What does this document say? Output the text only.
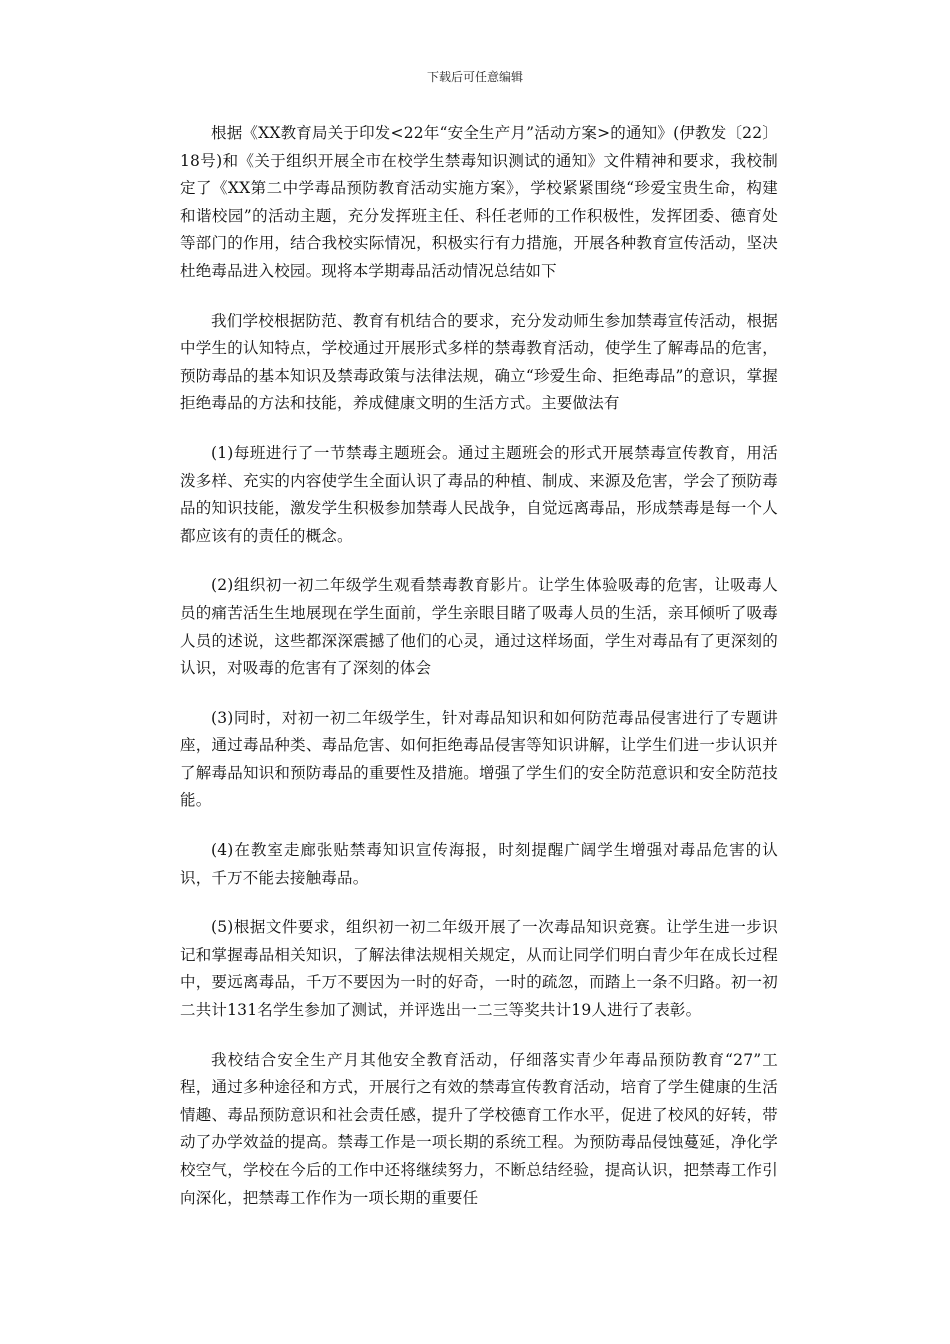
下载后可任意编辑

根据《XX教育局关于印发<22年“安全生产月”活动方案>的通知》(伊教发〔22〕18号)和《关于组织开展全市在校学生禁毒知识测试的通知》文件精神和要求，我校制定了《XX第二中学毒品预防教育活动实施方案》，学校紧紧围绕“珍爱宝贵生命，构建和谐校园”的活动主题，充分发挥班主任、科任老师的工作积极性，发挥团委、德育处等部门的作用，结合我校实际情况，积极实行有力措施，开展各种教育宣传活动，坚决杜绝毒品进入校园。现将本学期毒品活动情况总结如下

我们学校根据防范、教育有机结合的要求，充分发动师生参加禁毒宣传活动，根据中学生的认知特点，学校通过开展形式多样的禁毒教育活动，使学生了解毒品的危害，预防毒品的基本知识及禁毒政策与法律法规，确立“珍爱生命、拒绝毒品”的意识，掌握拒绝毒品的方法和技能，养成健康文明的生活方式。主要做法有

(1)每班进行了一节禁毒主题班会。通过主题班会的形式开展禁毒宣传教育，用活泼多样、充实的内容使学生全面认识了毒品的种植、制成、来源及危害，学会了预防毒品的知识技能，激发学生积极参加禁毒人民战争，自觉远离毒品，形成禁毒是每一个人都应该有的责任的概念。

(2)组织初一初二年级学生观看禁毒教育影片。让学生体验吸毒的危害，让吸毒人员的痛苦活生生地展现在学生面前，学生亲眼目睹了吸毒人员的生活，亲耳倾听了吸毒人员的述说，这些都深深震撼了他们的心灵，通过这样场面，学生对毒品有了更深刻的认识，对吸毒的危害有了深刻的体会

(3)同时，对初一初二年级学生，针对毒品知识和如何防范毒品侵害进行了专题讲座，通过毒品种类、毒品危害、如何拒绝毒品侵害等知识讲解，让学生们进一步认识并了解毒品知识和预防毒品的重要性及措施。增强了学生们的安全防范意识和安全防范技能。

(4)在教室走廊张贴禁毒知识宣传海报，时刻提醒广阔学生增强对毒品危害的认识，千万不能去接触毒品。

(5)根据文件要求，组织初一初二年级开展了一次毒品知识竞赛。让学生进一步识记和掌握毒品相关知识，了解法律法规相关规定，从而让同学们明白青少年在成长过程中，要远离毒品，千万不要因为一时的好奇，一时的疏忽，而踏上一条不归路。初一初二共计131名学生参加了测试，并评选出一二三等奖共计19人进行了表彰。

我校结合安全生产月其他安全教育活动，仔细落实青少年毒品预防教育“27”工程，通过多种途径和方式，开展行之有效的禁毒宣传教育活动，培育了学生健康的生活情趣、毒品预防意识和社会责任感，提升了学校德育工作水平，促进了校风的好转，带动了办学效益的提高。禁毒工作是一项长期的系统工程。为预防毒品侵蚀蔓延，净化学校空气，学校在今后的工作中还将继续努力，不断总结经验，提高认识，把禁毒工作引向深化，把禁毒工作作为一项长期的重要任
